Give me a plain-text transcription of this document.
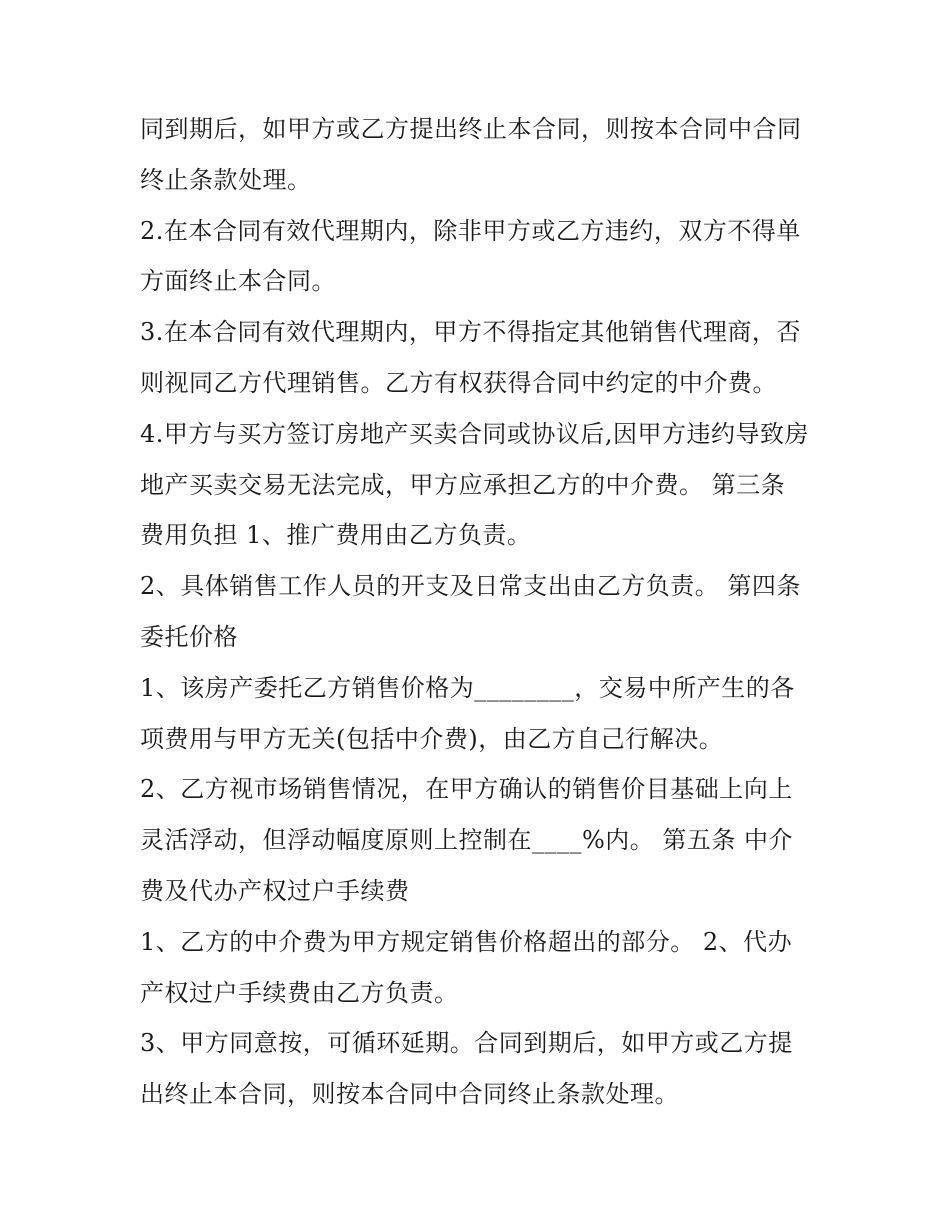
同到期后，如甲方或乙方提出终止本合同，则按本合同中合同
终止条款处理。
2.在本合同有效代理期内，除非甲方或乙方违约，双方不得单
方面终止本合同。
3.在本合同有效代理期内，甲方不得指定其他销售代理商，否
则视同乙方代理销售。乙方有权获得合同中约定的中介费。
4.甲方与买方签订房地产买卖合同或协议后,因甲方违约导致房
地产买卖交易无法完成，甲方应承担乙方的中介费。 第三条
费用负担 1、推广费用由乙方负责。
2、具体销售工作人员的开支及日常支出由乙方负责。 第四条
委托价格
1、该房产委托乙方销售价格为________，交易中所产生的各
项费用与甲方无关(包括中介费)，由乙方自己行解决。
2、乙方视市场销售情况，在甲方确认的销售价目基础上向上
灵活浮动，但浮动幅度原则上控制在____%内。 第五条 中介
费及代办产权过户手续费
1、乙方的中介费为甲方规定销售价格超出的部分。 2、代办
产权过户手续费由乙方负责。
3、甲方同意按，可循环延期。合同到期后，如甲方或乙方提
出终止本合同，则按本合同中合同终止条款处理。
